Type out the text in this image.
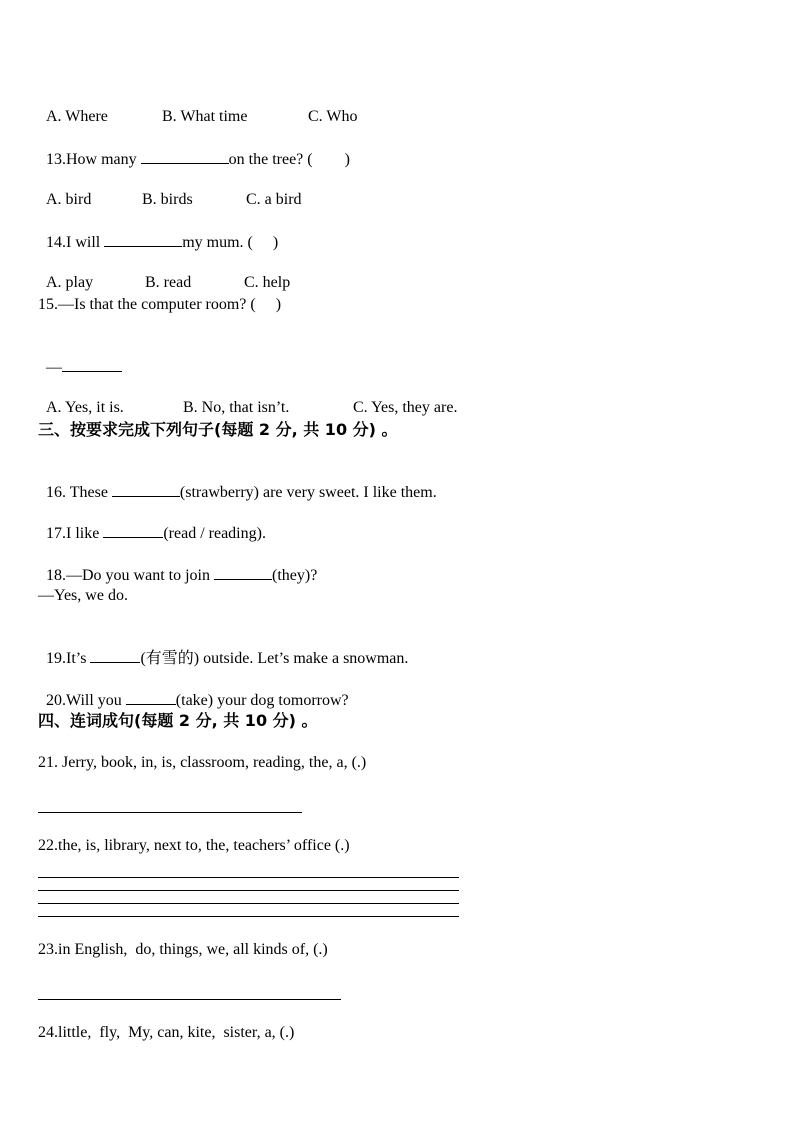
A. Where	B. What time	C. Who

13.How many	on the tree? (        )

A. bird	B. birds	C. a bird

14.I will	my mum. (     )

A. play	B. read	C. help

15.—Is that the computer room? (     )

—

A. Yes, it is.	B. No, that isn’t.	C. Yes, they are.

三、按要求完成下列句子(每题 2 分, 共 10 分) 。

16. These	(strawberry) are very sweet. I like them.

17.I like	(read / reading).

18.—Do you want to join	(they)?

—Yes, we do.

19.It’s	(有雪的) outside. Let’s make a snowman.

20.Will you	(take) your dog tomorrow?

四、连词成句(每题 2 分, 共 10 分) 。
21. Jerry, book, in, is, classroom, reading, the, a, (.)
22.the, is, library, next to, the, teachers’ office (.)
23.in English,  do, things, we, all kinds of, (.)
24.little,  fly,  My, can, kite,  sister, a, (.)
